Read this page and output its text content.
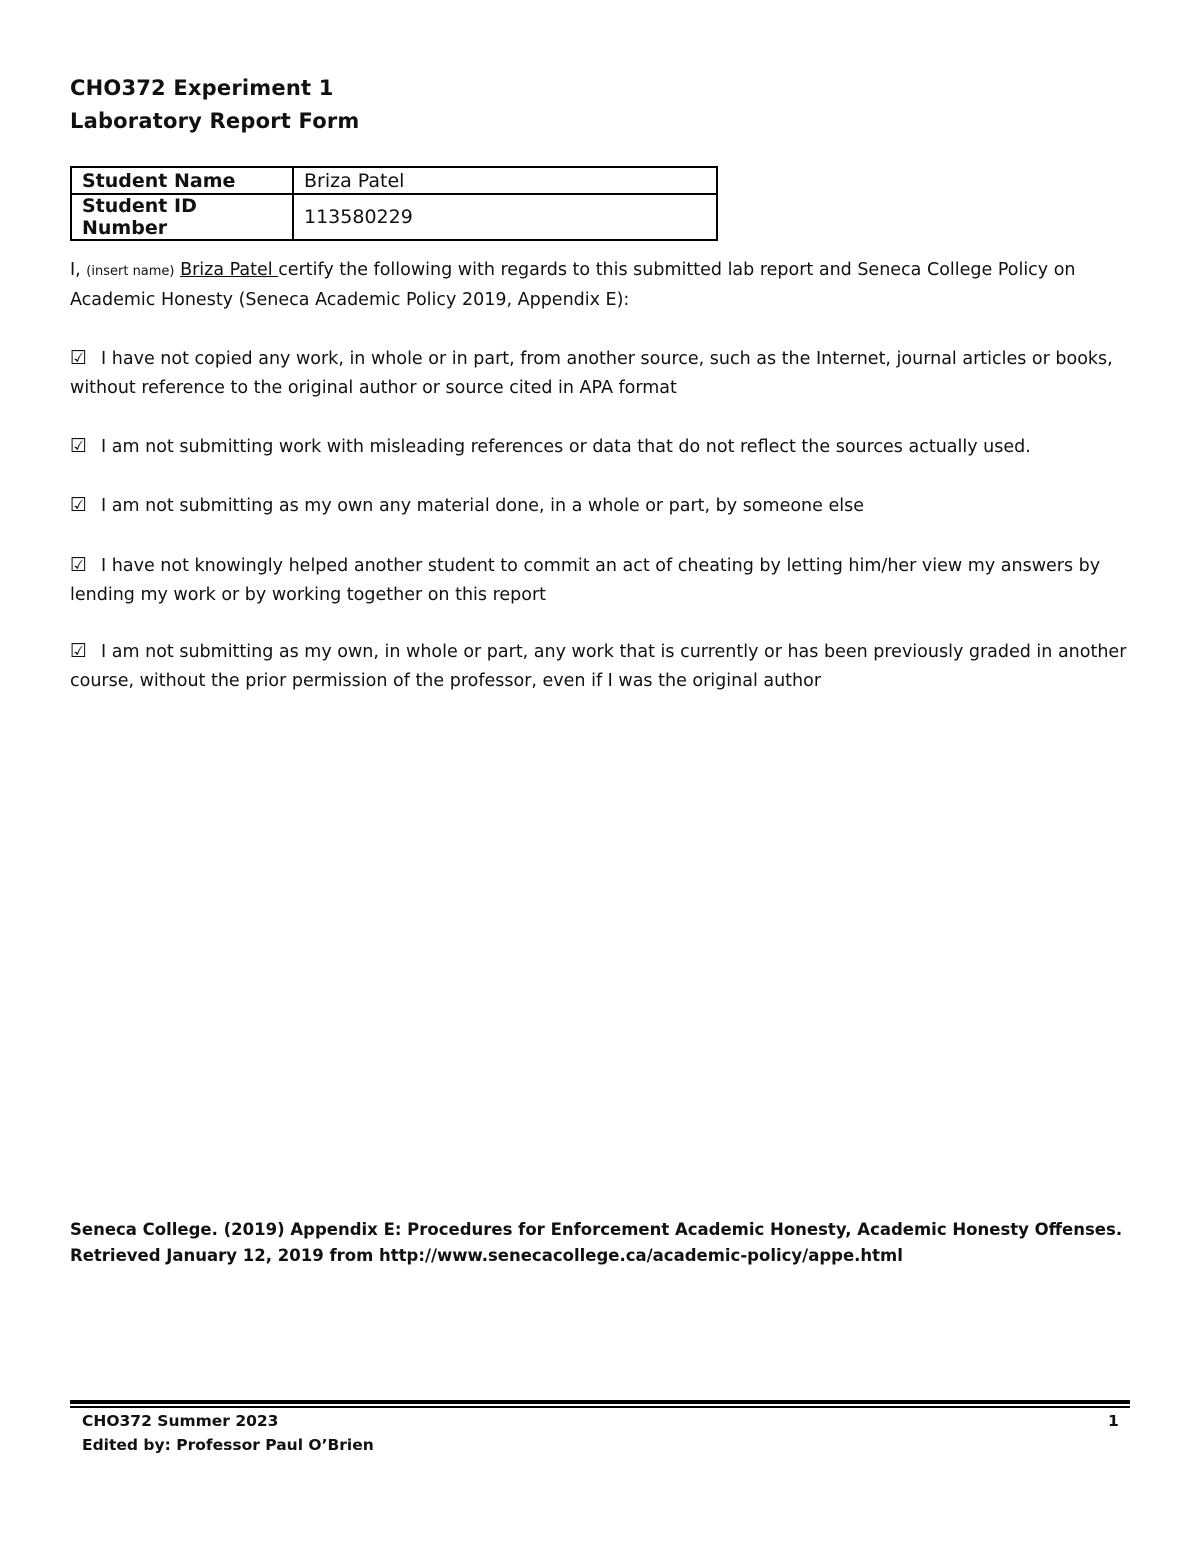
CHO372 Experiment 1
Laboratory Report Form
Student Name	Briza Patel
Student ID Number	113580229
I, (insert name) Briza Patel certify the following with regards to this submitted lab report and Seneca College Policy on Academic Honesty (Seneca Academic Policy 2019, Appendix E):
☑ I have not copied any work, in whole or in part, from another source, such as the Internet, journal articles or books, without reference to the original author or source cited in APA format
☑ I am not submitting work with misleading references or data that do not reflect the sources actually used.
☑ I am not submitting as my own any material done, in a whole or part, by someone else
☑ I have not knowingly helped another student to commit an act of cheating by letting him/her view my answers by lending my work or by working together on this report
☑ I am not submitting as my own, in whole or part, any work that is currently or has been previously graded in another course, without the prior permission of the professor, even if I was the original author
Seneca College. (2019) Appendix E: Procedures for Enforcement Academic Honesty, Academic Honesty Offenses. Retrieved January 12, 2019 from http://www.senecacollege.ca/academic-policy/appe.html
CHO372 Summer 2023
Edited by: Professor Paul O’Brien
1
